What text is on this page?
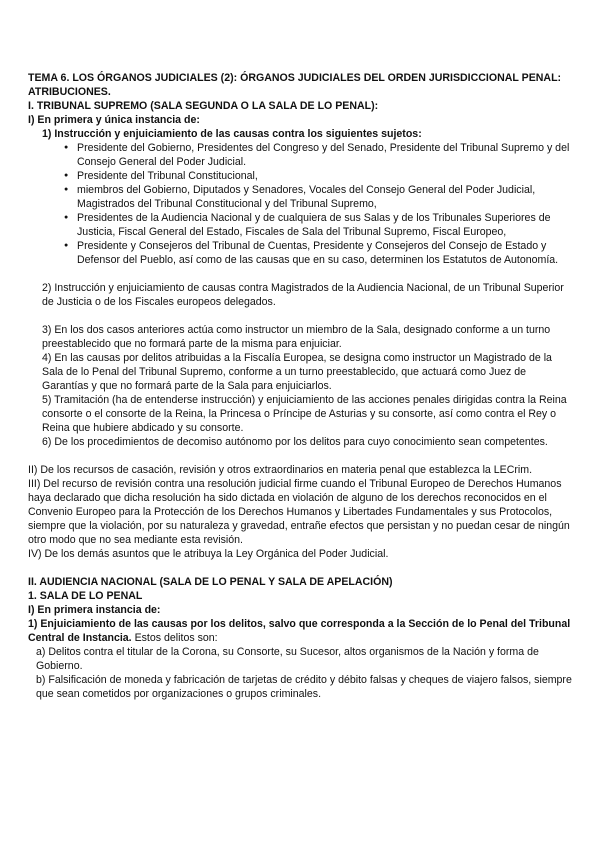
TEMA 6. LOS ÓRGANOS JUDICIALES (2): ÓRGANOS JUDICIALES DEL ORDEN JURISDICCIONAL PENAL: ATRIBUCIONES.

I. TRIBUNAL SUPREMO (SALA SEGUNDA O LA SALA DE LO PENAL):

I) En primera y única instancia de:

1) Instrucción y enjuiciamiento de las causas contra los siguientes sujetos:

● Presidente del Gobierno, Presidentes del Congreso y del Senado, Presidente del Tribunal Supremo y del Consejo General del Poder Judicial.
● Presidente del Tribunal Constitucional,
● miembros del Gobierno, Diputados y Senadores, Vocales del Consejo General del Poder Judicial, Magistrados del Tribunal Constitucional y del Tribunal Supremo,
● Presidentes de la Audiencia Nacional y de cualquiera de sus Salas y de los Tribunales Superiores de Justicia, Fiscal General del Estado, Fiscales de Sala del Tribunal Supremo, Fiscal Europeo,
● Presidente y Consejeros del Tribunal de Cuentas, Presidente y Consejeros del Consejo de Estado y Defensor del Pueblo, así como de las causas que en su caso, determinen los Estatutos de Autonomía.

2) Instrucción y enjuiciamiento de causas contra Magistrados de la Audiencia Nacional, de un Tribunal Superior de Justicia o de los Fiscales europeos delegados.

3) En los dos casos anteriores actúa como instructor un miembro de la Sala, designado conforme a un turno preestablecido que no formará parte de la misma para enjuiciar.

4) En las causas por delitos atribuidas a la Fiscalía Europea, se designa como instructor un Magistrado de la Sala de lo Penal del Tribunal Supremo, conforme a un turno preestablecido, que actuará como Juez de Garantías y que no formará parte de la Sala para enjuiciarlos.

5) Tramitación (ha de entenderse instrucción) y enjuiciamiento de las acciones penales dirigidas contra la Reina consorte o el consorte de la Reina, la Princesa o Príncipe de Asturias y su consorte, así como contra el Rey o Reina que hubiere abdicado y su consorte.

6) De los procedimientos de decomiso autónomo por los delitos para cuyo conocimiento sean competentes.

II) De los recursos de casación, revisión y otros extraordinarios en materia penal que establezca la LECrim.

III) Del recurso de revisión contra una resolución judicial firme cuando el Tribunal Europeo de Derechos Humanos haya declarado que dicha resolución ha sido dictada en violación de alguno de los derechos reconocidos en el Convenio Europeo para la Protección de los Derechos Humanos y Libertades Fundamentales y sus Protocolos, siempre que la violación, por su naturaleza y gravedad, entrañe efectos que persistan y no puedan cesar de ningún otro modo que no sea mediante esta revisión.

IV) De los demás asuntos que le atribuya la Ley Orgánica del Poder Judicial.

II. AUDIENCIA NACIONAL (SALA DE LO PENAL Y SALA DE APELACIÓN)

1. SALA DE LO PENAL

I) En primera instancia de:

1) Enjuiciamiento de las causas por los delitos, salvo que corresponda a la Sección de lo Penal del Tribunal Central de Instancia. Estos delitos son:

a) Delitos contra el titular de la Corona, su Consorte, su Sucesor, altos organismos de la Nación y forma de Gobierno.

b) Falsificación de moneda y fabricación de tarjetas de crédito y débito falsas y cheques de viajero falsos, siempre que sean cometidos por organizaciones o grupos criminales.
